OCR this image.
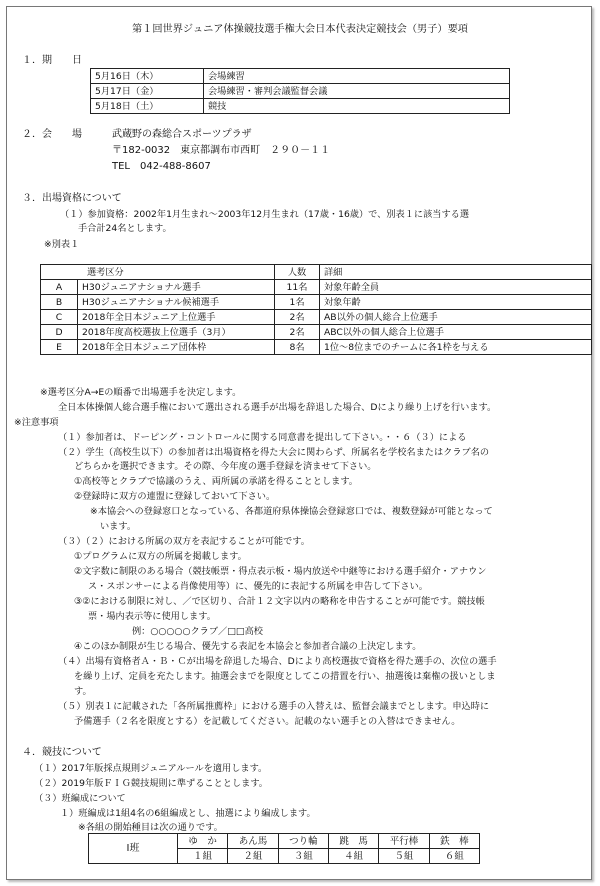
第１回世界ジュニア体操競技選手権大会日本代表決定競技会（男子）要項
１．期　　日
5月16日（木）	会場練習
5月17日（金）	会場練習・審判会議監督会議
5月18日（土）	競技
２．会　　場	武蔵野の森総合スポーツプラザ
〒182-0032　東京都調布市西町　２９０－１１
TEL　042-488-8607
３．出場資格について
（１）参加資格：2002年1月生まれ～2003年12月生まれ（17歳・16歳）で、別表１に該当する選
手合計24名とします。
※別表１
選考区分		人数	詳細
A	H30ジュニアナショナル選手	11名	対象年齢全員
B	H30ジュニアナショナル候補選手	1名	対象年齢
C	2018年全日本ジュニア上位選手	2名	AB以外の個人総合上位選手
D	2018年度高校選抜上位選手（3月）	2名	ABC以外の個人総合上位選手
E	2018年全日本ジュニア団体枠	8名	1位～8位までのチームに各1枠を与える
※選考区分A→Eの順番で出場選手を決定します。
全日本体操個人総合選手権において選出される選手が出場を辞退した場合、Dにより繰り上げを行います。
※注意事項
（１）参加者は、ドーピング・コントロールに関する同意書を提出して下さい。・・６（３）による
（２）学生（高校生以下）の参加者は出場資格を得た大会に関わらず、所属名を学校名またはクラブ名の
どちらかを選択できます。その際、今年度の選手登録を済ませて下さい。
①高校等とクラブで協議のうえ、両所属の承諾を得ることとします。
②登録時に双方の連盟に登録しておいて下さい。
※本協会への登録窓口となっている、各都道府県体操協会登録窓口では、複数登録が可能となって
います。
（３）（２）における所属の双方を表記することが可能です。
①プログラムに双方の所属を掲載します。
②文字数に制限のある場合（競技帳票・得点表示板・場内放送や中継等における選手紹介・アナウン
ス・スポンサーによる肖像使用等）に、優先的に表記する所属を申告して下さい。
③②における制限に対し、／で区切り、合計１２文字以内の略称を申告することが可能です。競技帳
票・場内表示等に使用します。
例：○○○○○クラブ／□□高校
④このほか制限が生じる場合、優先する表記を本協会と参加者合議の上決定します。
（４）出場有資格者Ａ・Ｂ・Ｃが出場を辞退した場合、Dにより高校選抜で資格を得た選手の、次位の選手
を繰り上げ、定員を充たします。抽選会までを限度としてこの措置を行い、抽選後は棄権の扱いとしま
す。
（５）別表１に記載された「各所属推薦枠」における選手の入替えは、監督会議までとします。申込時に
予備選手（２名を限度とする）を記載してください。記載のない選手との入替はできません。
４．競技について
（１）2017年版採点規則ジュニアルールを適用します。
（２）2019年版ＦＩＧ競技規則に準ずることとします。
（３）班編成について
１）班編成は1組4名の6組編成とし、抽選により編成します。
※各組の開始種目は次の通りです。
Ⅰ班	ゆ　か	あん馬	つり輪	跳　馬	平行棒	鉄　棒
	１組	２組	３組	４組	５組	６組
